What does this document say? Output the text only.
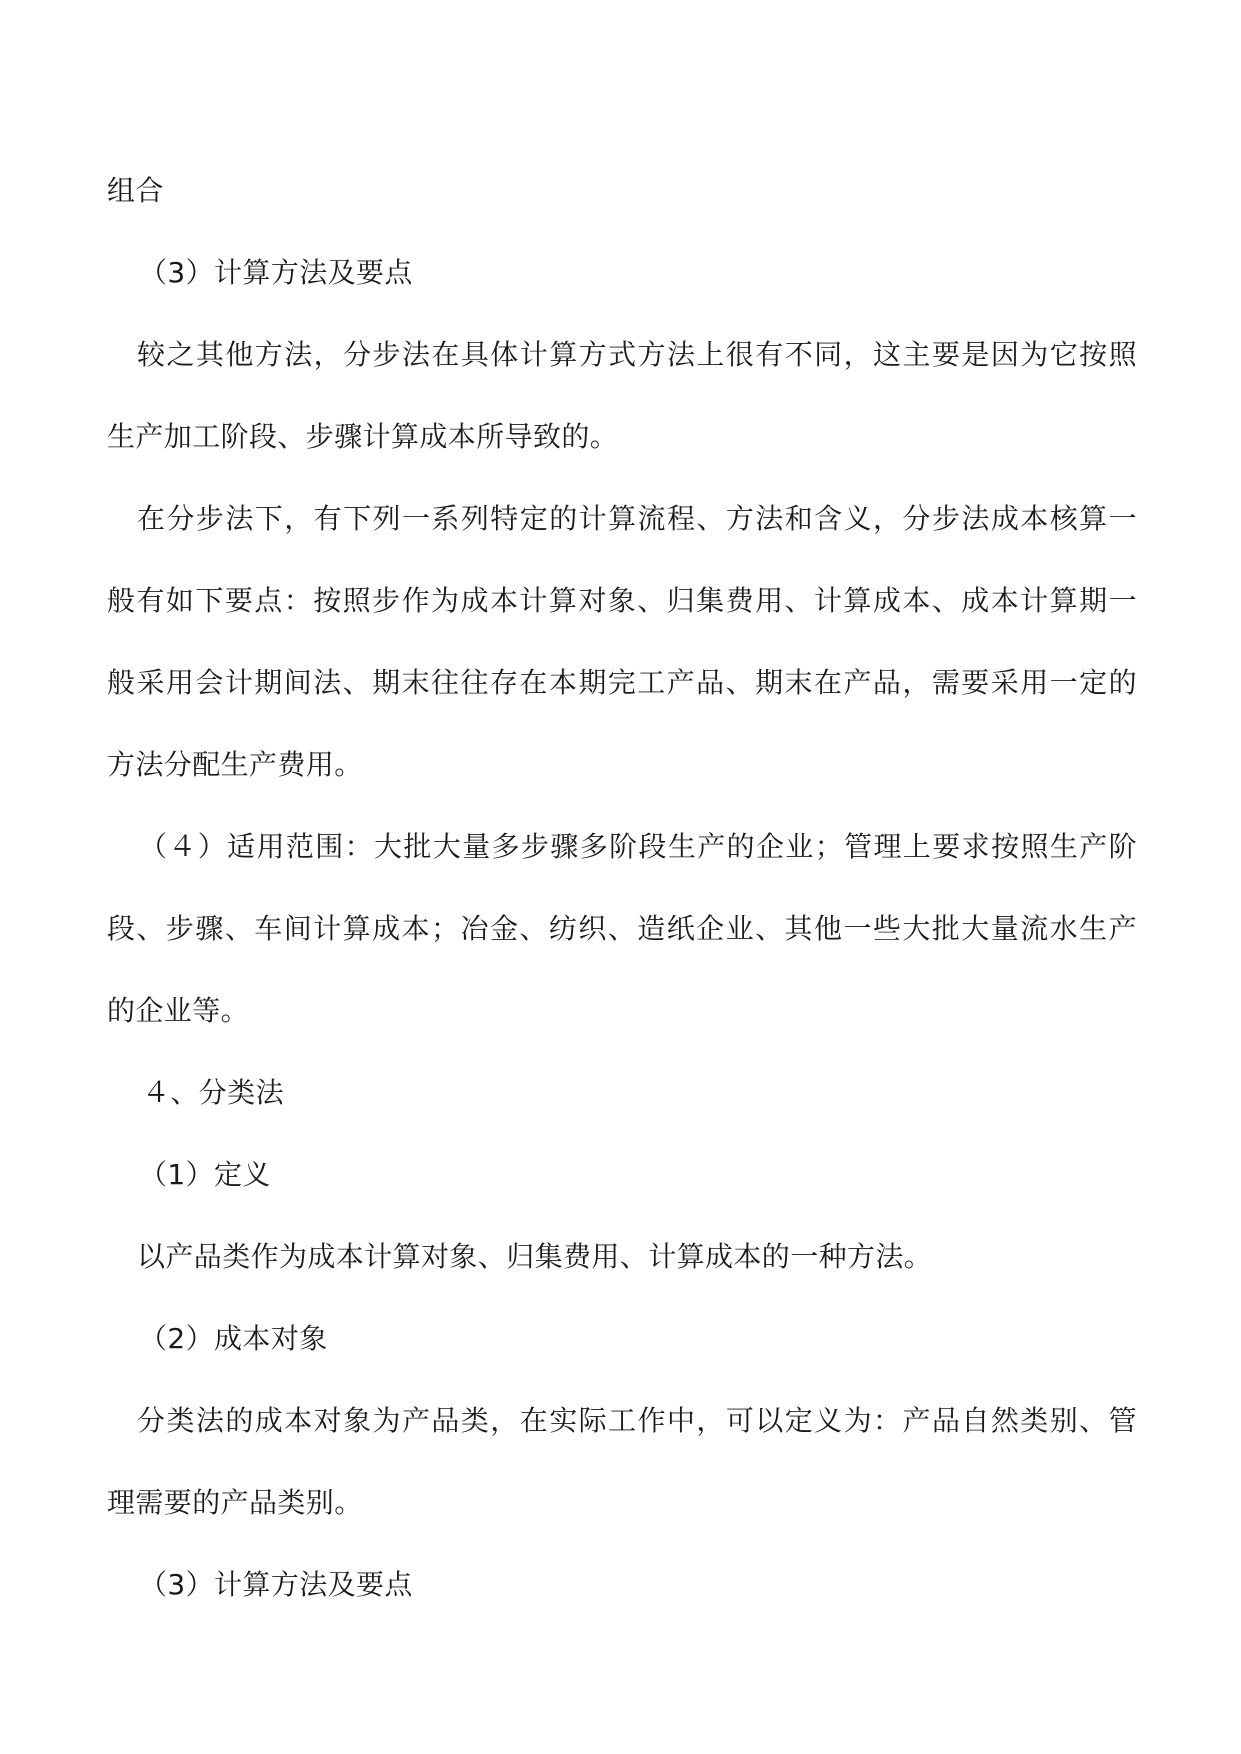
组合
（3）计算方法及要点
较之其他方法，分步法在具体计算方式方法上很有不同，这主要是因为它按照
生产加工阶段、步骤计算成本所导致的。
在分步法下，有下列一系列特定的计算流程、方法和含义，分步法成本核算一
般有如下要点：按照步作为成本计算对象、归集费用、计算成本、成本计算期一
般采用会计期间法、期末往往存在本期完工产品、期末在产品，需要采用一定的
方法分配生产费用。
（４）适用范围：大批大量多步骤多阶段生产的企业；管理上要求按照生产阶
段、步骤、车间计算成本；冶金、纺织、造纸企业、其他一些大批大量流水生产
的企业等。
４、分类法
（1）定义
以产品类作为成本计算对象、归集费用、计算成本的一种方法。
（2）成本对象
分类法的成本对象为产品类，在实际工作中，可以定义为：产品自然类别、管
理需要的产品类别。
（3）计算方法及要点
